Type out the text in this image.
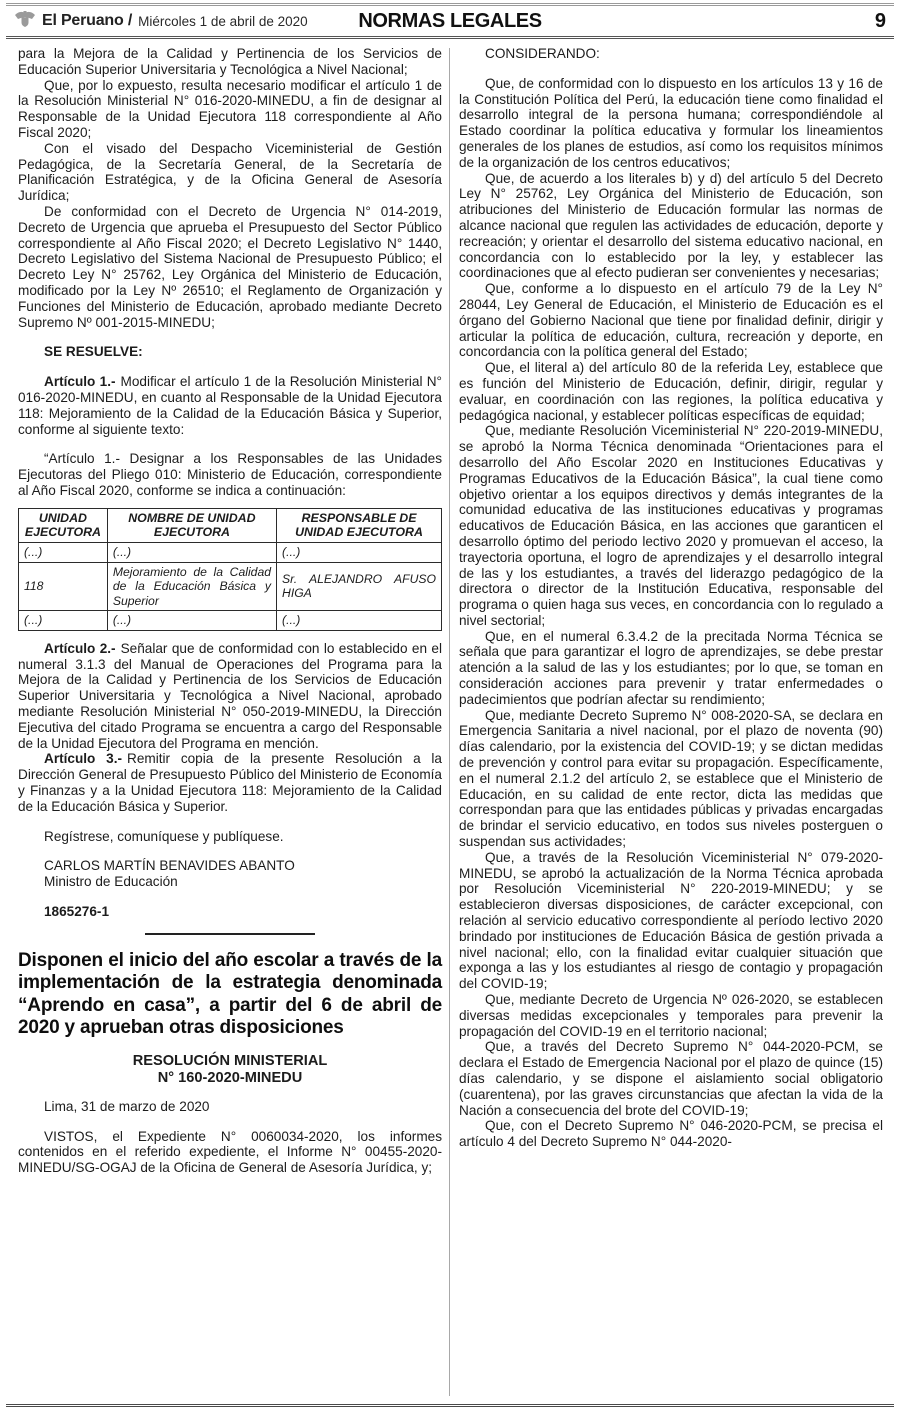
El Peruano / Miércoles 1 de abril de 2020	NORMAS LEGALES	9

para la Mejora de la Calidad y Pertinencia de los Servicios de Educación Superior Universitaria y Tecnológica a Nivel Nacional;

Que, por lo expuesto, resulta necesario modificar el artículo 1 de la Resolución Ministerial N° 016-2020-MINEDU, a fin de designar al Responsable de la Unidad Ejecutora 118 correspondiente al Año Fiscal 2020;

Con el visado del Despacho Viceministerial de Gestión Pedagógica, de la Secretaría General, de la Secretaría de Planificación Estratégica, y de la Oficina General de Asesoría Jurídica;

De conformidad con el Decreto de Urgencia N° 014-2019, Decreto de Urgencia que aprueba el Presupuesto del Sector Público correspondiente al Año Fiscal 2020; el Decreto Legislativo N° 1440, Decreto Legislativo del Sistema Nacional de Presupuesto Público; el Decreto Ley N° 25762, Ley Orgánica del Ministerio de Educación, modificado por la Ley Nº 26510; el Reglamento de Organización y Funciones del Ministerio de Educación, aprobado mediante Decreto Supremo Nº 001-2015-MINEDU;

SE RESUELVE:

Artículo 1.- Modificar el artículo 1 de la Resolución Ministerial N° 016-2020-MINEDU, en cuanto al Responsable de la Unidad Ejecutora 118: Mejoramiento de la Calidad de la Educación Básica y Superior, conforme al siguiente texto:

“Artículo 1.- Designar a los Responsables de las Unidades Ejecutoras del Pliego 010: Ministerio de Educación, correspondiente al Año Fiscal 2020, conforme se indica a continuación:

UNIDAD EJECUTORA	NOMBRE DE UNIDAD EJECUTORA	RESPONSABLE DE UNIDAD EJECUTORA
(...)	(...)	(...)
118	Mejoramiento de la Calidad de la Educación Básica y Superior	Sr. ALEJANDRO AFUSO HIGA
(...)	(...)	(...)

Artículo 2.- Señalar que de conformidad con lo establecido en el numeral 3.1.3 del Manual de Operaciones del Programa para la Mejora de la Calidad y Pertinencia de los Servicios de Educación Superior Universitaria y Tecnológica a Nivel Nacional, aprobado mediante Resolución Ministerial N° 050-2019-MINEDU, la Dirección Ejecutiva del citado Programa se encuentra a cargo del Responsable de la Unidad Ejecutora del Programa en mención.

Artículo 3.- Remitir copia de la presente Resolución a la Dirección General de Presupuesto Público del Ministerio de Economía y Finanzas y a la Unidad Ejecutora 118: Mejoramiento de la Calidad de la Educación Básica y Superior.

Regístrese, comuníquese y publíquese.

CARLOS MARTÍN BENAVIDES ABANTO

Ministro de Educación

1865276-1

Disponen el inicio del año escolar a través de la implementación de la estrategia denominada “Aprendo en casa”, a partir del 6 de abril de 2020 y aprueban otras disposiciones

RESOLUCIÓN MINISTERIAL
N° 160-2020-MINEDU

Lima, 31 de marzo de 2020

VISTOS, el Expediente N° 0060034-2020, los informes contenidos en el referido expediente, el Informe N° 00455-2020-MINEDU/SG-OGAJ de la Oficina de General de Asesoría Jurídica, y;

CONSIDERANDO:

Que, de conformidad con lo dispuesto en los artículos 13 y 16 de la Constitución Política del Perú, la educación tiene como finalidad el desarrollo integral de la persona humana; correspondiéndole al Estado coordinar la política educativa y formular los lineamientos generales de los planes de estudios, así como los requisitos mínimos de la organización de los centros educativos;

Que, de acuerdo a los literales b) y d) del artículo 5 del Decreto Ley N° 25762, Ley Orgánica del Ministerio de Educación, son atribuciones del Ministerio de Educación formular las normas de alcance nacional que regulen las actividades de educación, deporte y recreación; y orientar el desarrollo del sistema educativo nacional, en concordancia con lo establecido por la ley, y establecer las coordinaciones que al efecto pudieran ser convenientes y necesarias;

Que, conforme a lo dispuesto en el artículo 79 de la Ley N° 28044, Ley General de Educación, el Ministerio de Educación es el órgano del Gobierno Nacional que tiene por finalidad definir, dirigir y articular la política de educación, cultura, recreación y deporte, en concordancia con la política general del Estado;

Que, el literal a) del artículo 80 de la referida Ley, establece que es función del Ministerio de Educación, definir, dirigir, regular y evaluar, en coordinación con las regiones, la política educativa y pedagógica nacional, y establecer políticas específicas de equidad;

Que, mediante Resolución Viceministerial N° 220-2019-MINEDU, se aprobó la Norma Técnica denominada “Orientaciones para el desarrollo del Año Escolar 2020 en Instituciones Educativas y Programas Educativos de la Educación Básica”, la cual tiene como objetivo orientar a los equipos directivos y demás integrantes de la comunidad educativa de las instituciones educativas y programas educativos de Educación Básica, en las acciones que garanticen el desarrollo óptimo del periodo lectivo 2020 y promuevan el acceso, la trayectoria oportuna, el logro de aprendizajes y el desarrollo integral de las y los estudiantes, a través del liderazgo pedagógico de la directora o director de la Institución Educativa, responsable del programa o quien haga sus veces, en concordancia con lo regulado a nivel sectorial;

Que, en el numeral 6.3.4.2 de la precitada Norma Técnica se señala que para garantizar el logro de aprendizajes, se debe prestar atención a la salud de las y los estudiantes; por lo que, se toman en consideración acciones para prevenir y tratar enfermedades o padecimientos que podrían afectar su rendimiento;

Que, mediante Decreto Supremo N° 008-2020-SA, se declara en Emergencia Sanitaria a nivel nacional, por el plazo de noventa (90) días calendario, por la existencia del COVID-19; y se dictan medidas de prevención y control para evitar su propagación. Específicamente, en el numeral 2.1.2 del artículo 2, se establece que el Ministerio de Educación, en su calidad de ente rector, dicta las medidas que correspondan para que las entidades públicas y privadas encargadas de brindar el servicio educativo, en todos sus niveles posterguen o suspendan sus actividades;

Que, a través de la Resolución Viceministerial N° 079-2020-MINEDU, se aprobó la actualización de la Norma Técnica aprobada por Resolución Viceministerial N° 220-2019-MINEDU; y se establecieron diversas disposiciones, de carácter excepcional, con relación al servicio educativo correspondiente al período lectivo 2020 brindado por instituciones de Educación Básica de gestión privada a nivel nacional; ello, con la finalidad evitar cualquier situación que exponga a las y los estudiantes al riesgo de contagio y propagación del COVID-19;

Que, mediante Decreto de Urgencia Nº 026-2020, se establecen diversas medidas excepcionales y temporales para prevenir la propagación del COVID-19 en el territorio nacional;

Que, a través del Decreto Supremo N° 044-2020-PCM, se declara el Estado de Emergencia Nacional por el plazo de quince (15) días calendario, y se dispone el aislamiento social obligatorio (cuarentena), por las graves circunstancias que afectan la vida de la Nación a consecuencia del brote del COVID-19;

Que, con el Decreto Supremo N° 046-2020-PCM, se precisa el artículo 4 del Decreto Supremo N° 044-2020-
